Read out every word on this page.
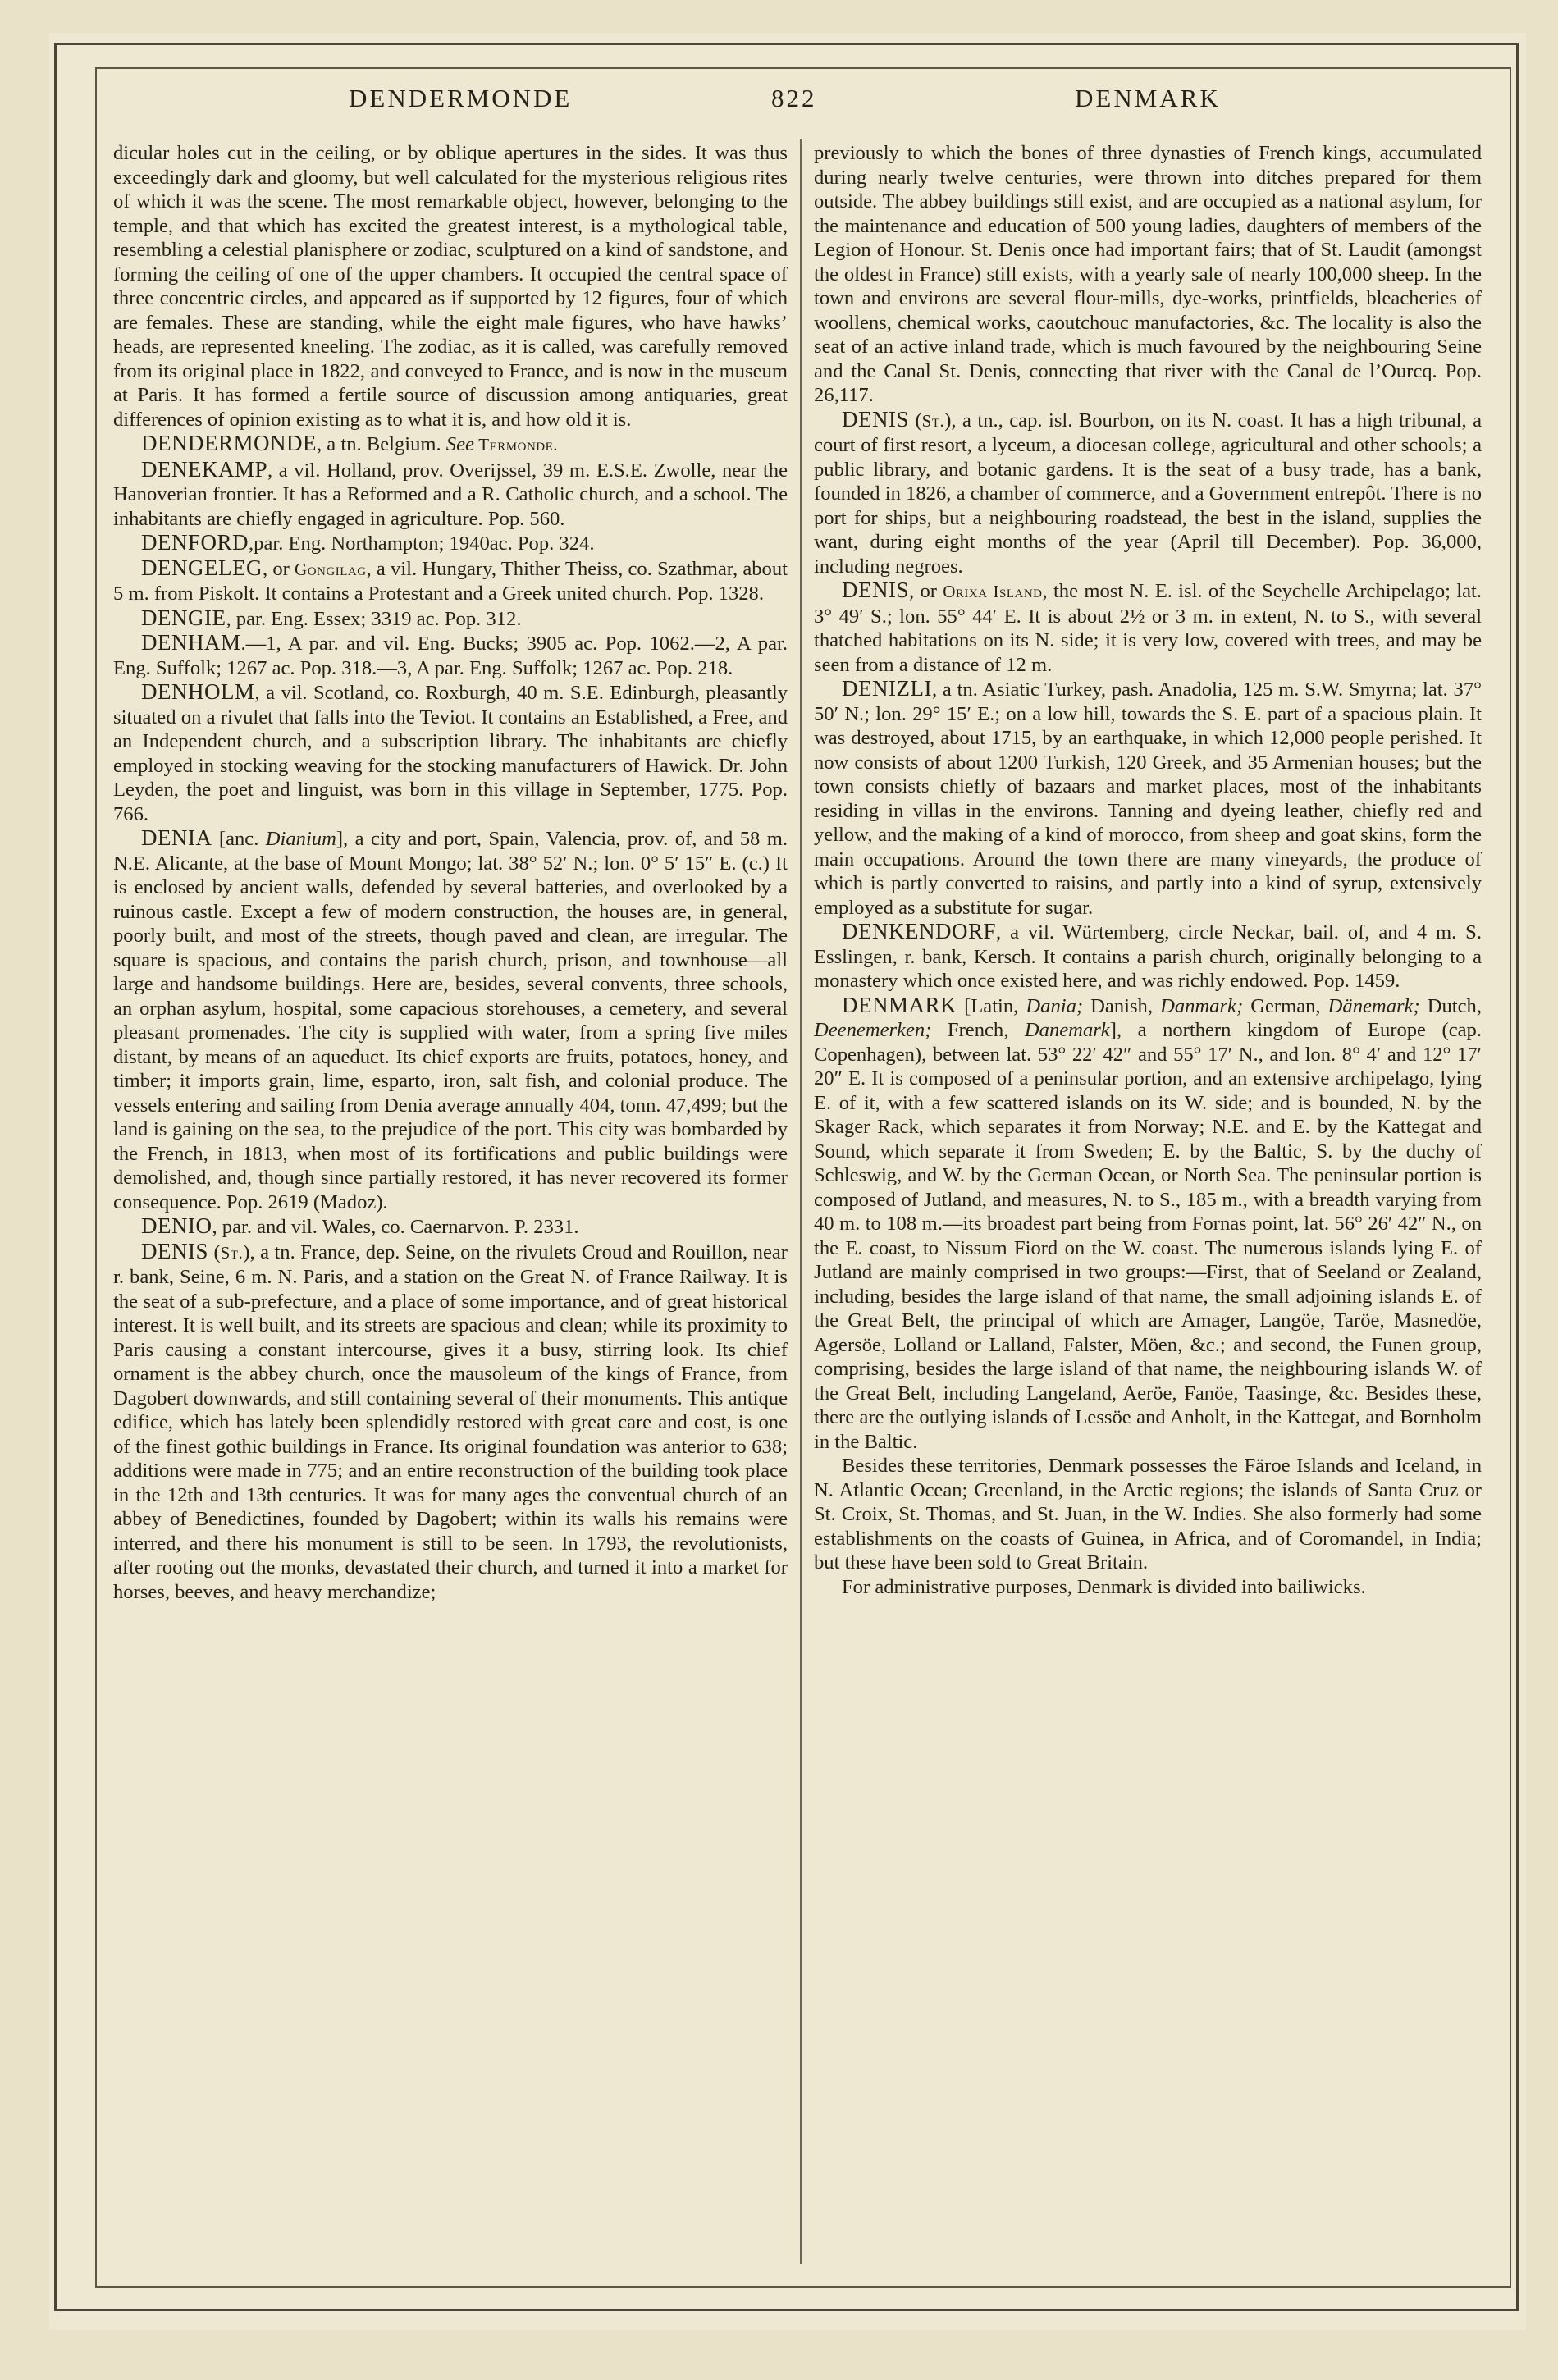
DENDERMONDE	822	DENMARK

dicular holes cut in the ceiling, or by oblique apertures in the sides. It was thus exceedingly dark and gloomy, but well calculated for the mysterious religious rites of which it was the scene. The most remarkable object, however, belonging to the temple, and that which has excited the greatest interest, is a mythological table, resembling a celestial planisphere or zodiac, sculptured on a kind of sandstone, and forming the ceiling of one of the upper chambers. It occupied the central space of three concentric circles, and appeared as if supported by 12 figures, four of which are females. These are standing, while the eight male figures, who have hawks’ heads, are represented kneeling. The zodiac, as it is called, was carefully removed from its original place in 1822, and conveyed to France, and is now in the museum at Paris. It has formed a fertile source of discussion among antiquaries, great differences of opinion existing as to what it is, and how old it is.

DENDERMONDE, a tn. Belgium. See Termonde.

DENEKAMP, a vil. Holland, prov. Overijssel, 39 m. E.S.E. Zwolle, near the Hanoverian frontier. It has a Reformed and a R. Catholic church, and a school. The inhabitants are chiefly engaged in agriculture. Pop. 560.

DENFORD,par. Eng. Northampton; 1940ac. Pop. 324.

DENGELEG, or Gongilag, a vil. Hungary, Thither Theiss, co. Szathmar, about 5 m. from Piskolt. It contains a Protestant and a Greek united church. Pop. 1328.

DENGIE, par. Eng. Essex; 3319 ac. Pop. 312.

DENHAM.—1, A par. and vil. Eng. Bucks; 3905 ac. Pop. 1062.—2, A par. Eng. Suffolk; 1267 ac. Pop. 318.—3, A par. Eng. Suffolk; 1267 ac. Pop. 218.

DENHOLM, a vil. Scotland, co. Roxburgh, 40 m. S.E. Edinburgh, pleasantly situated on a rivulet that falls into the Teviot. It contains an Established, a Free, and an Independent church, and a subscription library. The inhabitants are chiefly employed in stocking weaving for the stocking manufacturers of Hawick. Dr. John Leyden, the poet and linguist, was born in this village in September, 1775. Pop. 766.

DENIA [anc. Dianium], a city and port, Spain, Valencia, prov. of, and 58 m. N.E. Alicante, at the base of Mount Mongo; lat. 38° 52′ N.; lon. 0° 5′ 15″ E. (c.) It is enclosed by ancient walls, defended by several batteries, and overlooked by a ruinous castle. Except a few of modern construction, the houses are, in general, poorly built, and most of the streets, though paved and clean, are irregular. The square is spacious, and contains the parish church, prison, and townhouse—all large and handsome buildings. Here are, besides, several convents, three schools, an orphan asylum, hospital, some capacious storehouses, a cemetery, and several pleasant promenades. The city is supplied with water, from a spring five miles distant, by means of an aqueduct. Its chief exports are fruits, potatoes, honey, and timber; it imports grain, lime, esparto, iron, salt fish, and colonial produce. The vessels entering and sailing from Denia average annually 404, tonn. 47,499; but the land is gaining on the sea, to the prejudice of the port. This city was bombarded by the French, in 1813, when most of its fortifications and public buildings were demolished, and, though since partially restored, it has never recovered its former consequence. Pop. 2619 (Madoz).

DENIO, par. and vil. Wales, co. Caernarvon. P. 2331.

DENIS (St.), a tn. France, dep. Seine, on the rivulets Croud and Rouillon, near r. bank, Seine, 6 m. N. Paris, and a station on the Great N. of France Railway. It is the seat of a sub-prefecture, and a place of some importance, and of great historical interest. It is well built, and its streets are spacious and clean; while its proximity to Paris causing a constant intercourse, gives it a busy, stirring look. Its chief ornament is the abbey church, once the mausoleum of the kings of France, from Dagobert downwards, and still containing several of their monuments. This antique edifice, which has lately been splendidly restored with great care and cost, is one of the finest gothic buildings in France. Its original foundation was anterior to 638; additions were made in 775; and an entire reconstruction of the building took place in the 12th and 13th centuries. It was for many ages the conventual church of an abbey of Benedictines, founded by Dagobert; within its walls his remains were interred, and there his monument is still to be seen. In 1793, the revolutionists, after rooting out the monks, devastated their church, and turned it into a market for horses, beeves, and heavy merchandize;

previously to which the bones of three dynasties of French kings, accumulated during nearly twelve centuries, were thrown into ditches prepared for them outside. The abbey buildings still exist, and are occupied as a national asylum, for the maintenance and education of 500 young ladies, daughters of members of the Legion of Honour. St. Denis once had important fairs; that of St. Laudit (amongst the oldest in France) still exists, with a yearly sale of nearly 100,000 sheep. In the town and environs are several flour-mills, dye-works, printfields, bleacheries of woollens, chemical works, caoutchouc manufactories, &c. The locality is also the seat of an active inland trade, which is much favoured by the neighbouring Seine and the Canal St. Denis, connecting that river with the Canal de l’Ourcq. Pop. 26,117.

DENIS (St.), a tn., cap. isl. Bourbon, on its N. coast. It has a high tribunal, a court of first resort, a lyceum, a diocesan college, agricultural and other schools; a public library, and botanic gardens. It is the seat of a busy trade, has a bank, founded in 1826, a chamber of commerce, and a Government entrepôt. There is no port for ships, but a neighbouring roadstead, the best in the island, supplies the want, during eight months of the year (April till December). Pop. 36,000, including negroes.

DENIS, or Orixa Island, the most N. E. isl. of the Seychelle Archipelago; lat. 3° 49′ S.; lon. 55° 44′ E. It is about 2½ or 3 m. in extent, N. to S., with several thatched habitations on its N. side; it is very low, covered with trees, and may be seen from a distance of 12 m.

DENIZLI, a tn. Asiatic Turkey, pash. Anadolia, 125 m. S.W. Smyrna; lat. 37° 50′ N.; lon. 29° 15′ E.; on a low hill, towards the S. E. part of a spacious plain. It was destroyed, about 1715, by an earthquake, in which 12,000 people perished. It now consists of about 1200 Turkish, 120 Greek, and 35 Armenian houses; but the town consists chiefly of bazaars and market places, most of the inhabitants residing in villas in the environs. Tanning and dyeing leather, chiefly red and yellow, and the making of a kind of morocco, from sheep and goat skins, form the main occupations. Around the town there are many vineyards, the produce of which is partly converted to raisins, and partly into a kind of syrup, extensively employed as a substitute for sugar.

DENKENDORF, a vil. Würtemberg, circle Neckar, bail. of, and 4 m. S. Esslingen, r. bank, Kersch. It contains a parish church, originally belonging to a monastery which once existed here, and was richly endowed. Pop. 1459.

DENMARK [Latin, Dania; Danish, Danmark; German, Dänemark; Dutch, Deenemerken; French, Danemark], a northern kingdom of Europe (cap. Copenhagen), between lat. 53° 22′ 42″ and 55° 17′ N., and lon. 8° 4′ and 12° 17′ 20″ E. It is composed of a peninsular portion, and an extensive archipelago, lying E. of it, with a few scattered islands on its W. side; and is bounded, N. by the Skager Rack, which separates it from Norway; N.E. and E. by the Kattegat and Sound, which separate it from Sweden; E. by the Baltic, S. by the duchy of Schleswig, and W. by the German Ocean, or North Sea. The peninsular portion is composed of Jutland, and measures, N. to S., 185 m., with a breadth varying from 40 m. to 108 m.—its broadest part being from Fornas point, lat. 56° 26′ 42″ N., on the E. coast, to Nissum Fiord on the W. coast. The numerous islands lying E. of Jutland are mainly comprised in two groups:—First, that of Seeland or Zealand, including, besides the large island of that name, the small adjoining islands E. of the Great Belt, the principal of which are Amager, Langöe, Taröe, Masnedöe, Agersöe, Lolland or Lalland, Falster, Möen, &c.; and second, the Funen group, comprising, besides the large island of that name, the neighbouring islands W. of the Great Belt, including Langeland, Aeröe, Fanöe, Taasinge, &c. Besides these, there are the outlying islands of Lessöe and Anholt, in the Kattegat, and Bornholm in the Baltic.

Besides these territories, Denmark possesses the Färoe Islands and Iceland, in N. Atlantic Ocean; Greenland, in the Arctic regions; the islands of Santa Cruz or St. Croix, St. Thomas, and St. Juan, in the W. Indies. She also formerly had some establishments on the coasts of Guinea, in Africa, and of Coromandel, in India; but these have been sold to Great Britain.

For administrative purposes, Denmark is divided into bailiwicks.
